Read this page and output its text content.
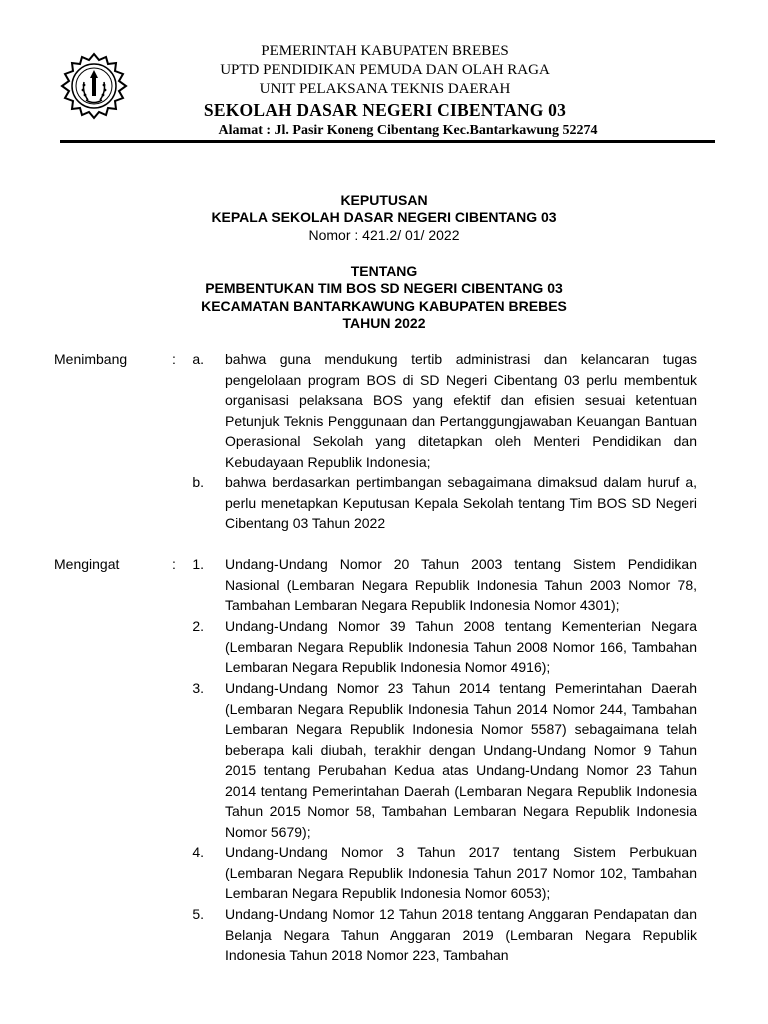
PEMERINTAH KABUPATEN BREBES
UPTD PENDIDIKAN PEMUDA DAN OLAH RAGA
UNIT PELAKSANA TEKNIS DAERAH
SEKOLAH DASAR NEGERI CIBENTANG 03
Alamat : Jl. Pasir Koneng Cibentang Kec.Bantarkawung 52274
KEPUTUSAN
KEPALA SEKOLAH DASAR NEGERI CIBENTANG 03
Nomor : 421.2/ 01/ 2022
TENTANG
PEMBENTUKAN TIM BOS SD NEGERI CIBENTANG 03
KECAMATAN BANTARKAWUNG KABUPATEN BREBES
TAHUN 2022
Menimbang	:	a. bahwa guna mendukung tertib administrasi dan kelancaran tugas pengelolaan program BOS di SD Negeri Cibentang 03 perlu membentuk organisasi pelaksana BOS yang efektif dan efisien sesuai ketentuan Petunjuk Teknis Penggunaan dan Pertanggungjawaban Keuangan Bantuan Operasional Sekolah yang ditetapkan oleh Menteri Pendidikan dan Kebudayaan Republik Indonesia;
b. bahwa berdasarkan pertimbangan sebagaimana dimaksud dalam huruf a, perlu menetapkan Keputusan Kepala Sekolah tentang Tim BOS SD Negeri Cibentang 03 Tahun 2022
Mengingat	:	1. Undang-Undang Nomor 20 Tahun 2003 tentang Sistem Pendidikan Nasional (Lembaran Negara Republik Indonesia Tahun 2003 Nomor 78, Tambahan Lembaran Negara Republik Indonesia Nomor 4301);
2. Undang-Undang Nomor 39 Tahun 2008 tentang Kementerian Negara (Lembaran Negara Republik Indonesia Tahun 2008 Nomor 166, Tambahan Lembaran Negara Republik Indonesia Nomor 4916);
3. Undang-Undang Nomor 23 Tahun 2014 tentang Pemerintahan Daerah (Lembaran Negara Republik Indonesia Tahun 2014 Nomor 244, Tambahan Lembaran Negara Republik Indonesia Nomor 5587) sebagaimana telah beberapa kali diubah, terakhir dengan Undang-Undang Nomor 9 Tahun 2015 tentang Perubahan Kedua atas Undang-Undang Nomor 23 Tahun 2014 tentang Pemerintahan Daerah (Lembaran Negara Republik Indonesia Tahun 2015 Nomor 58, Tambahan Lembaran Negara Republik Indonesia Nomor 5679);
4. Undang-Undang Nomor 3 Tahun 2017 tentang Sistem Perbukuan (Lembaran Negara Republik Indonesia Tahun 2017 Nomor 102, Tambahan Lembaran Negara Republik Indonesia Nomor 6053);
5. Undang-Undang Nomor 12 Tahun 2018 tentang Anggaran Pendapatan dan Belanja Negara Tahun Anggaran 2019 (Lembaran Negara Republik Indonesia Tahun 2018 Nomor 223, Tambahan
